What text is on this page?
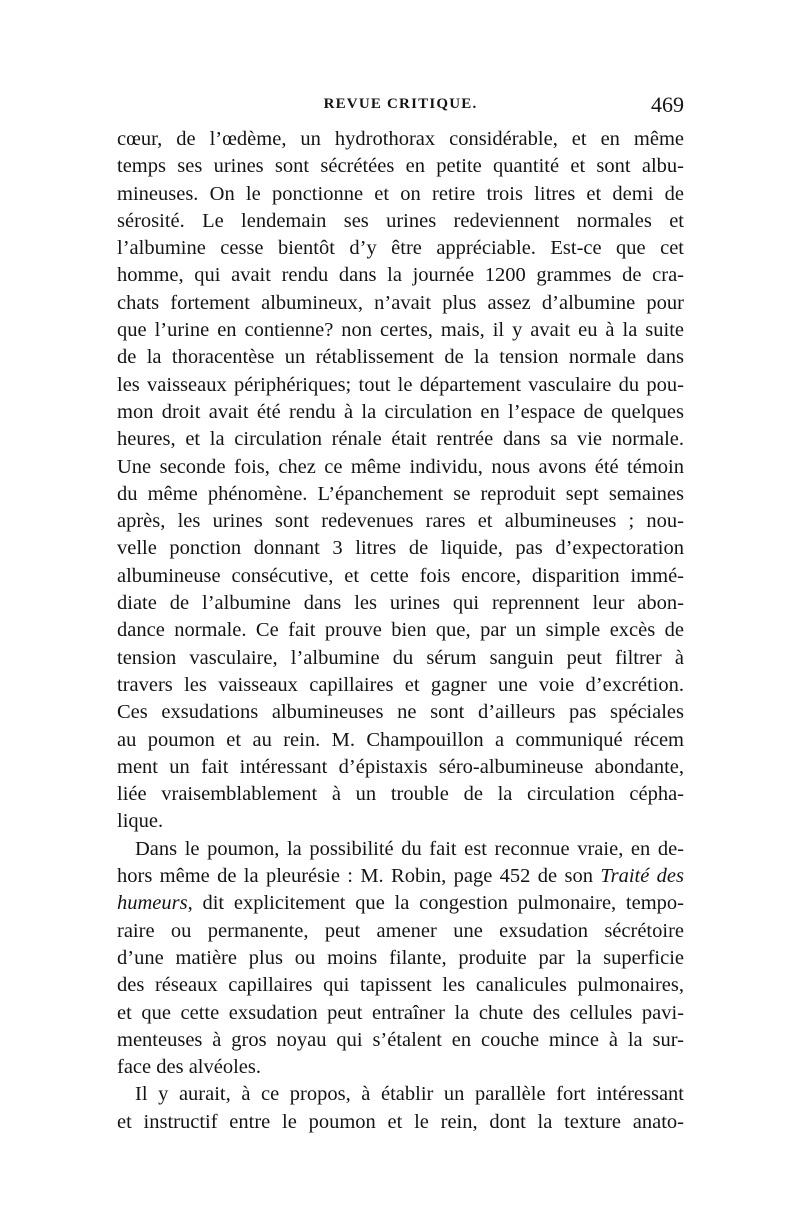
REVUE CRITIQUE.	469
cœur, de l’œdème, un hydrothorax considérable, et en même
temps ses urines sont sécrétées en petite quantité et sont albu-
mineuses. On le ponctionne et on retire trois litres et demi de
sérosité. Le lendemain ses urines redeviennent normales et
l’albumine cesse bientôt d’y être appréciable. Est-ce que cet
homme, qui avait rendu dans la journée 1200 grammes de cra-
chats fortement albumineux, n’avait plus assez d’albumine pour
que l’urine en contienne? non certes, mais, il y avait eu à la suite
de la thoracentèse un rétablissement de la tension normale dans
les vaisseaux périphériques; tout le département vasculaire du pou-
mon droit avait été rendu à la circulation en l’espace de quelques
heures, et la circulation rénale était rentrée dans sa vie normale.
Une seconde fois, chez ce même individu, nous avons été témoin
du même phénomène. L’épanchement se reproduit sept semaines
après, les urines sont redevenues rares et albumineuses ; nou-
velle ponction donnant 3 litres de liquide, pas d’expectoration
albumineuse consécutive, et cette fois encore, disparition immé-
diate de l’albumine dans les urines qui reprennent leur abon-
dance normale. Ce fait prouve bien que, par un simple excès de
tension vasculaire, l’albumine du sérum sanguin peut filtrer à
travers les vaisseaux capillaires et gagner une voie d’excrétion.
Ces exsudations albumineuses ne sont d’ailleurs pas spéciales
au poumon et au rein. M. Champouillon a communiqué récem
ment un fait intéressant d’épistaxis séro-albumineuse abondante,
liée vraisemblablement à un trouble de la circulation cépha-
lique.
Dans le poumon, la possibilité du fait est reconnue vraie, en de-
hors même de la pleurésie : M. Robin, page 452 de son Traité des
humeurs, dit explicitement que la congestion pulmonaire, tempo-
raire ou permanente, peut amener une exsudation sécrétoire
d’une matière plus ou moins filante, produite par la superficie
des réseaux capillaires qui tapissent les canalicules pulmonaires,
et que cette exsudation peut entraîner la chute des cellules pavi-
menteuses à gros noyau qui s’étalent en couche mince à la sur-
face des alvéoles.
Il y aurait, à ce propos, à établir un parallèle fort intéressant
et instructif entre le poumon et le rein, dont la texture anato-
